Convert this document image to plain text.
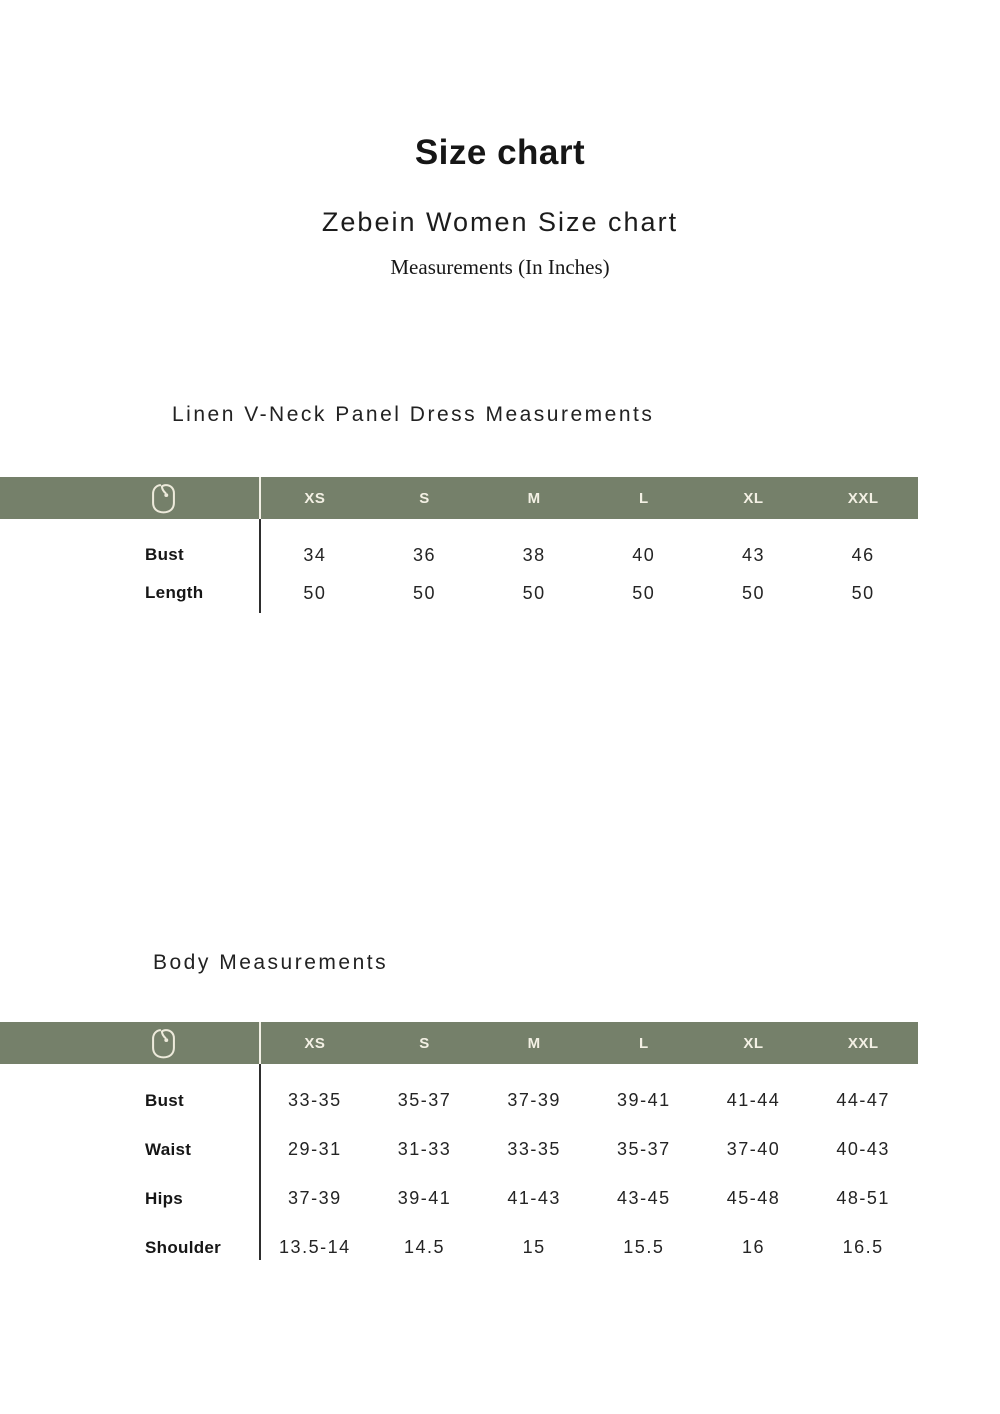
Size chart
Zebein Women Size chart
Measurements (In Inches)
Linen V-Neck Panel Dress Measurements
XS	S	M	L	XL	XXL
Bust	34	36	38	40	43	46
Length	50	50	50	50	50	50
Body Measurements
XS	S	M	L	XL	XXL
Bust	33-35	35-37	37-39	39-41	41-44	44-47
Waist	29-31	31-33	33-35	35-37	37-40	40-43
Hips	37-39	39-41	41-43	43-45	45-48	48-51
Shoulder	13.5-14	14.5	15	15.5	16	16.5
